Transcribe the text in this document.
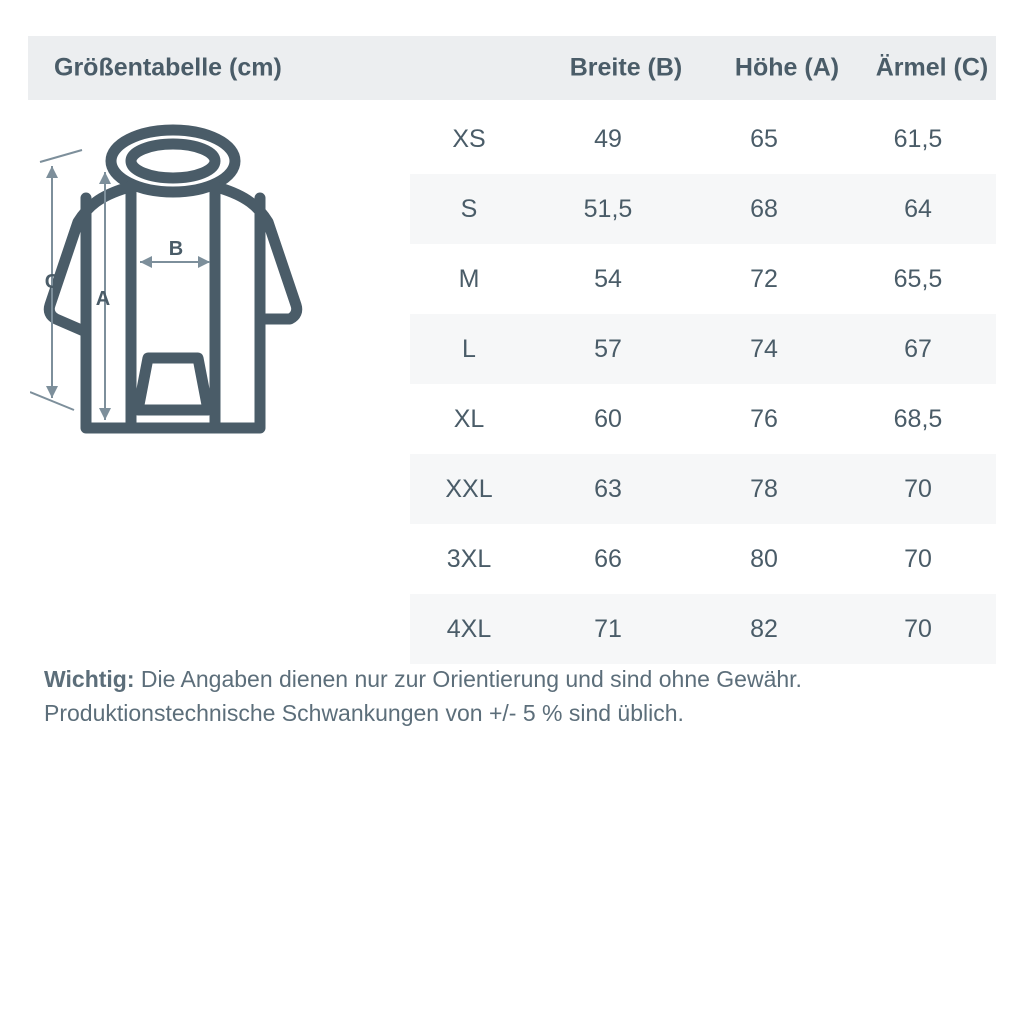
Größentabelle (cm)	Breite (B)	Höhe (A)	Ärmel (C)
XS	49	65	61,5
S	51,5	68	64
M	54	72	65,5
L	57	74	67
XL	60	76	68,5
XXL	63	78	70
3XL	66	80	70
4XL	71	82	70
Wichtig: Die Angaben dienen nur zur Orientierung und sind ohne Gewähr.
Produktionstechnische Schwankungen von +/- 5 % sind üblich.
C
B
A
